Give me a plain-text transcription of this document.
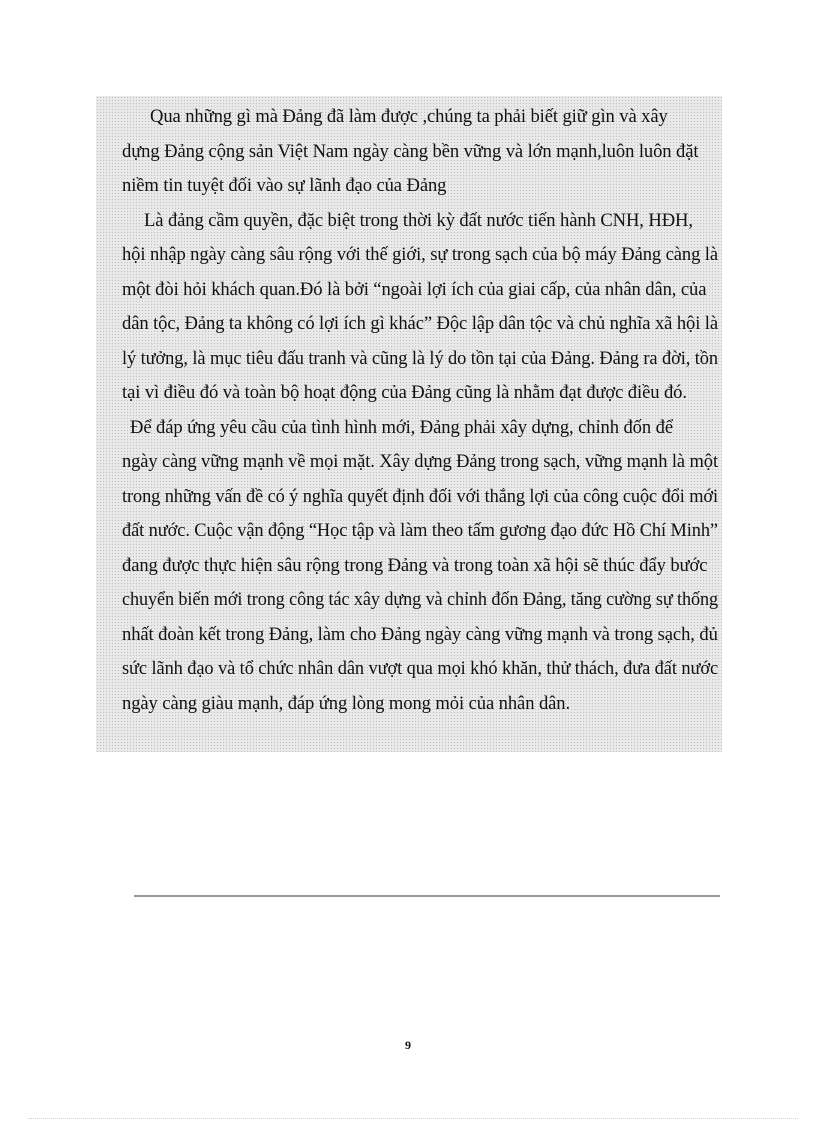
Qua những gì mà Đảng đã làm được ,chúng ta phải biết giữ gìn và xây
dựng Đảng cộng sản Việt Nam ngày càng bền vững và lớn mạnh,luôn luôn đặt
niềm tin tuyệt đối vào sự lãnh đạo của Đảng

Là đảng cầm quyền, đặc biệt trong thời kỳ đất nước tiến hành CNH, HĐH,
hội nhập ngày càng sâu rộng với thế giới, sự trong sạch của bộ máy Đảng càng là
một đòi hỏi khách quan.Đó là bởi “ngoài lợi ích của giai cấp, của nhân dân, của
dân tộc, Đảng ta không có lợi ích gì khác” Độc lập dân tộc và chủ nghĩa xã hội là
lý tưởng, là mục tiêu đấu tranh và cũng là lý do tồn tại của Đảng. Đảng ra đời, tồn
tại vì điều đó và toàn bộ hoạt động của Đảng cũng là nhằm đạt được điều đó.

Để đáp ứng yêu cầu của tình hình mới, Đảng phải xây dựng, chỉnh đốn để
ngày càng vững mạnh về mọi mặt. Xây dựng Đảng trong sạch, vững mạnh là một
trong những vấn đề có ý nghĩa quyết định đối với thắng lợi của công cuộc đổi mới
đất nước. Cuộc vận động “Học tập và làm theo tấm gương đạo đức Hồ Chí Minh”
đang được thực hiện sâu rộng trong Đảng và trong toàn xã hội sẽ thúc đẩy bước
chuyển biến mới trong công tác xây dựng và chỉnh đốn Đảng, tăng cường sự thống
nhất đoàn kết trong Đảng, làm cho Đảng ngày càng vững mạnh và trong sạch, đủ
sức lãnh đạo và tổ chức nhân dân vượt qua mọi khó khăn, thử thách, đưa đất nước
ngày càng giàu mạnh, đáp ứng lòng mong mỏi của nhân dân.

9
